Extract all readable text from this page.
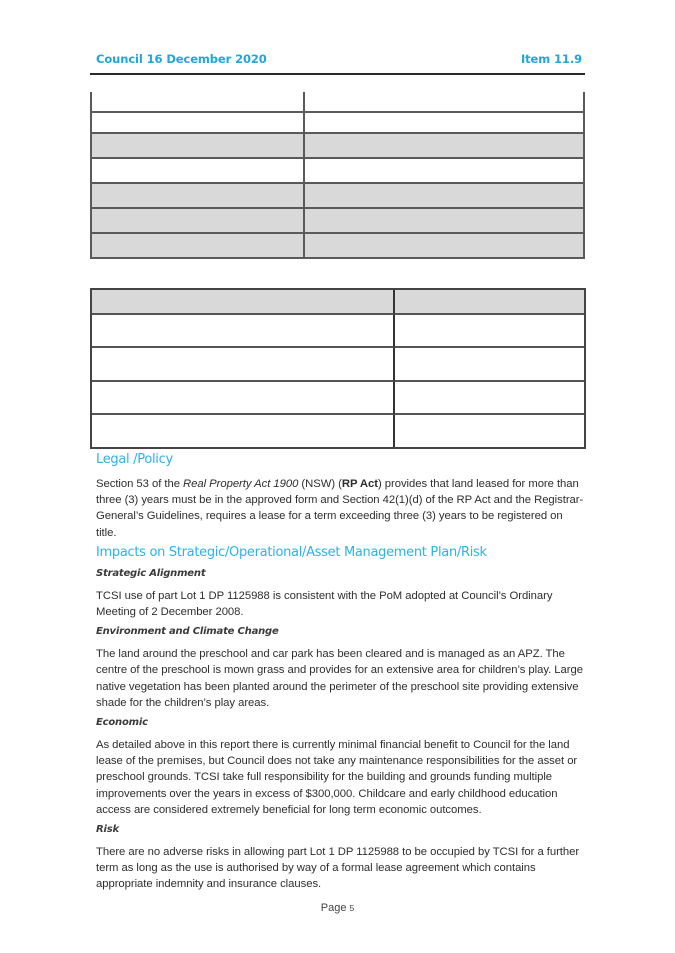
Council 16 December 2020	Item 11.9
Legal /Policy

Section 53 of the Real Property Act 1900 (NSW) (RP Act) provides that land leased for more than three (3) years must be in the approved form and Section 42(1)(d) of the RP Act and the Registrar-General’s Guidelines, requires a lease for a term exceeding three (3) years to be registered on title.

Impacts on Strategic/Operational/Asset Management Plan/Risk
Strategic Alignment

TCSI use of part Lot 1 DP 1125988 is consistent with the PoM adopted at Council’s Ordinary Meeting of 2 December 2008.

Environment and Climate Change

The land around the preschool and car park has been cleared and is managed as an APZ. The centre of the preschool is mown grass and provides for an extensive area for children’s play. Large native vegetation has been planted around the perimeter of the preschool site providing extensive shade for the children’s play areas.

Economic

As detailed above in this report there is currently minimal financial benefit to Council for the land lease of the premises, but Council does not take any maintenance responsibilities for the asset or preschool grounds. TCSI take full responsibility for the building and grounds funding multiple improvements over the years in excess of $300,000. Childcare and early childhood education access are considered extremely beneficial for long term economic outcomes.

Risk

There are no adverse risks in allowing part Lot 1 DP 1125988 to be occupied by TCSI for a further term as long as the use is authorised by way of a formal lease agreement which contains appropriate indemnity and insurance clauses.

Page 5
